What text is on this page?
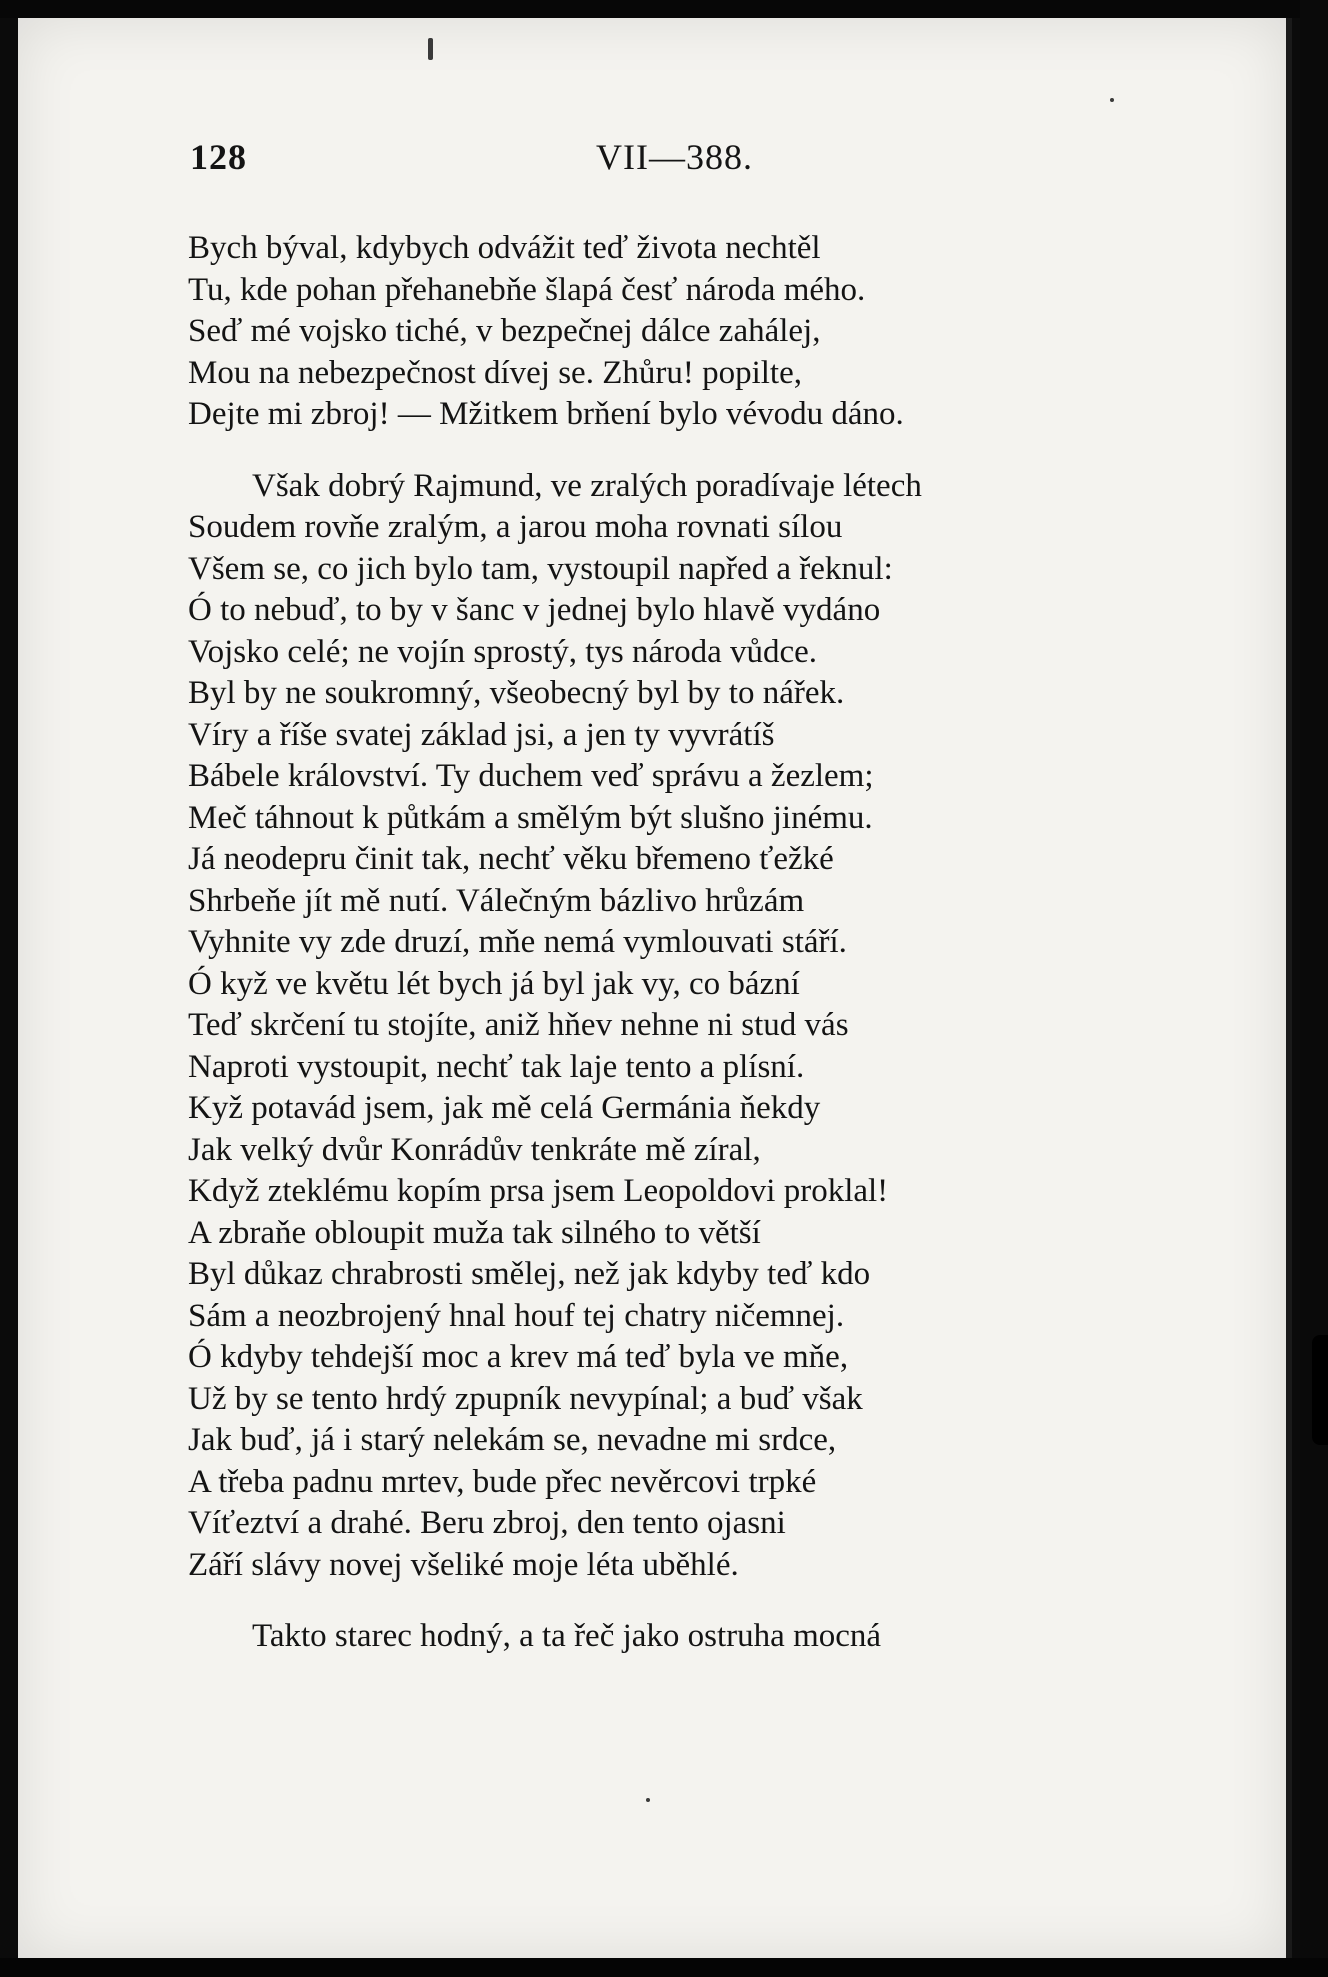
128	VII—388.

Bych býval, kdybych odvážit teď života nechtěl
Tu, kde pohan přehanebňe šlapá česť národa mého.
Seď mé vojsko tiché, v bezpečnej dálce zahálej,
Mou na nebezpečnost dívej se. Zhůru! popilte,
Dejte mi zbroj! — Mžitkem brňení bylo vévodu dáno.

Však dobrý Rajmund, ve zralých poradívaje létech
Soudem rovňe zralým, a jarou moha rovnati sílou
Všem se, co jich bylo tam, vystoupil napřed a řeknul:
Ó to nebuď, to by v šanc v jednej bylo hlavě vydáno
Vojsko celé; ne vojín sprostý, tys národa vůdce.
Byl by ne soukromný, všeobecný byl by to nářek.
Víry a říše svatej základ jsi, a jen ty vyvrátíš
Bábele království. Ty duchem veď správu a žezlem;
Meč táhnout k půtkám a smělým být slušno jinému.
Já neodepru činit tak, nechť věku břemeno ťežké
Shrbeňe jít mě nutí. Válečným bázlivo hrůzám
Vyhnite vy zde druzí, mňe nemá vymlouvati stáří.
Ó kyž ve květu lét bych já byl jak vy, co bázní
Teď skrčení tu stojíte, aniž hňev nehne ni stud vás
Naproti vystoupit, nechť tak laje tento a plísní.
Kyž potavád jsem, jak mě celá Germánia ňekdy
Jak velký dvůr Konrádův tenkráte mě zíral,
Když zteklému kopím prsa jsem Leopoldovi proklal!
A zbraňe obloupit muža tak silného to větší
Byl důkaz chrabrosti smělej, než jak kdyby teď kdo
Sám a neozbrojený hnal houf tej chatry ničemnej.
Ó kdyby tehdejší moc a krev má teď byla ve mňe,
Už by se tento hrdý zpupník nevypínal; a buď však
Jak buď, já i starý nelekám se, nevadne mi srdce,
A třeba padnu mrtev, bude přec nevěrcovi trpké
Víťeztví a drahé. Beru zbroj, den tento ojasni
Září slávy novej všeliké moje léta uběhlé.

Takto starec hodný, a ta řeč jako ostruha mocná
